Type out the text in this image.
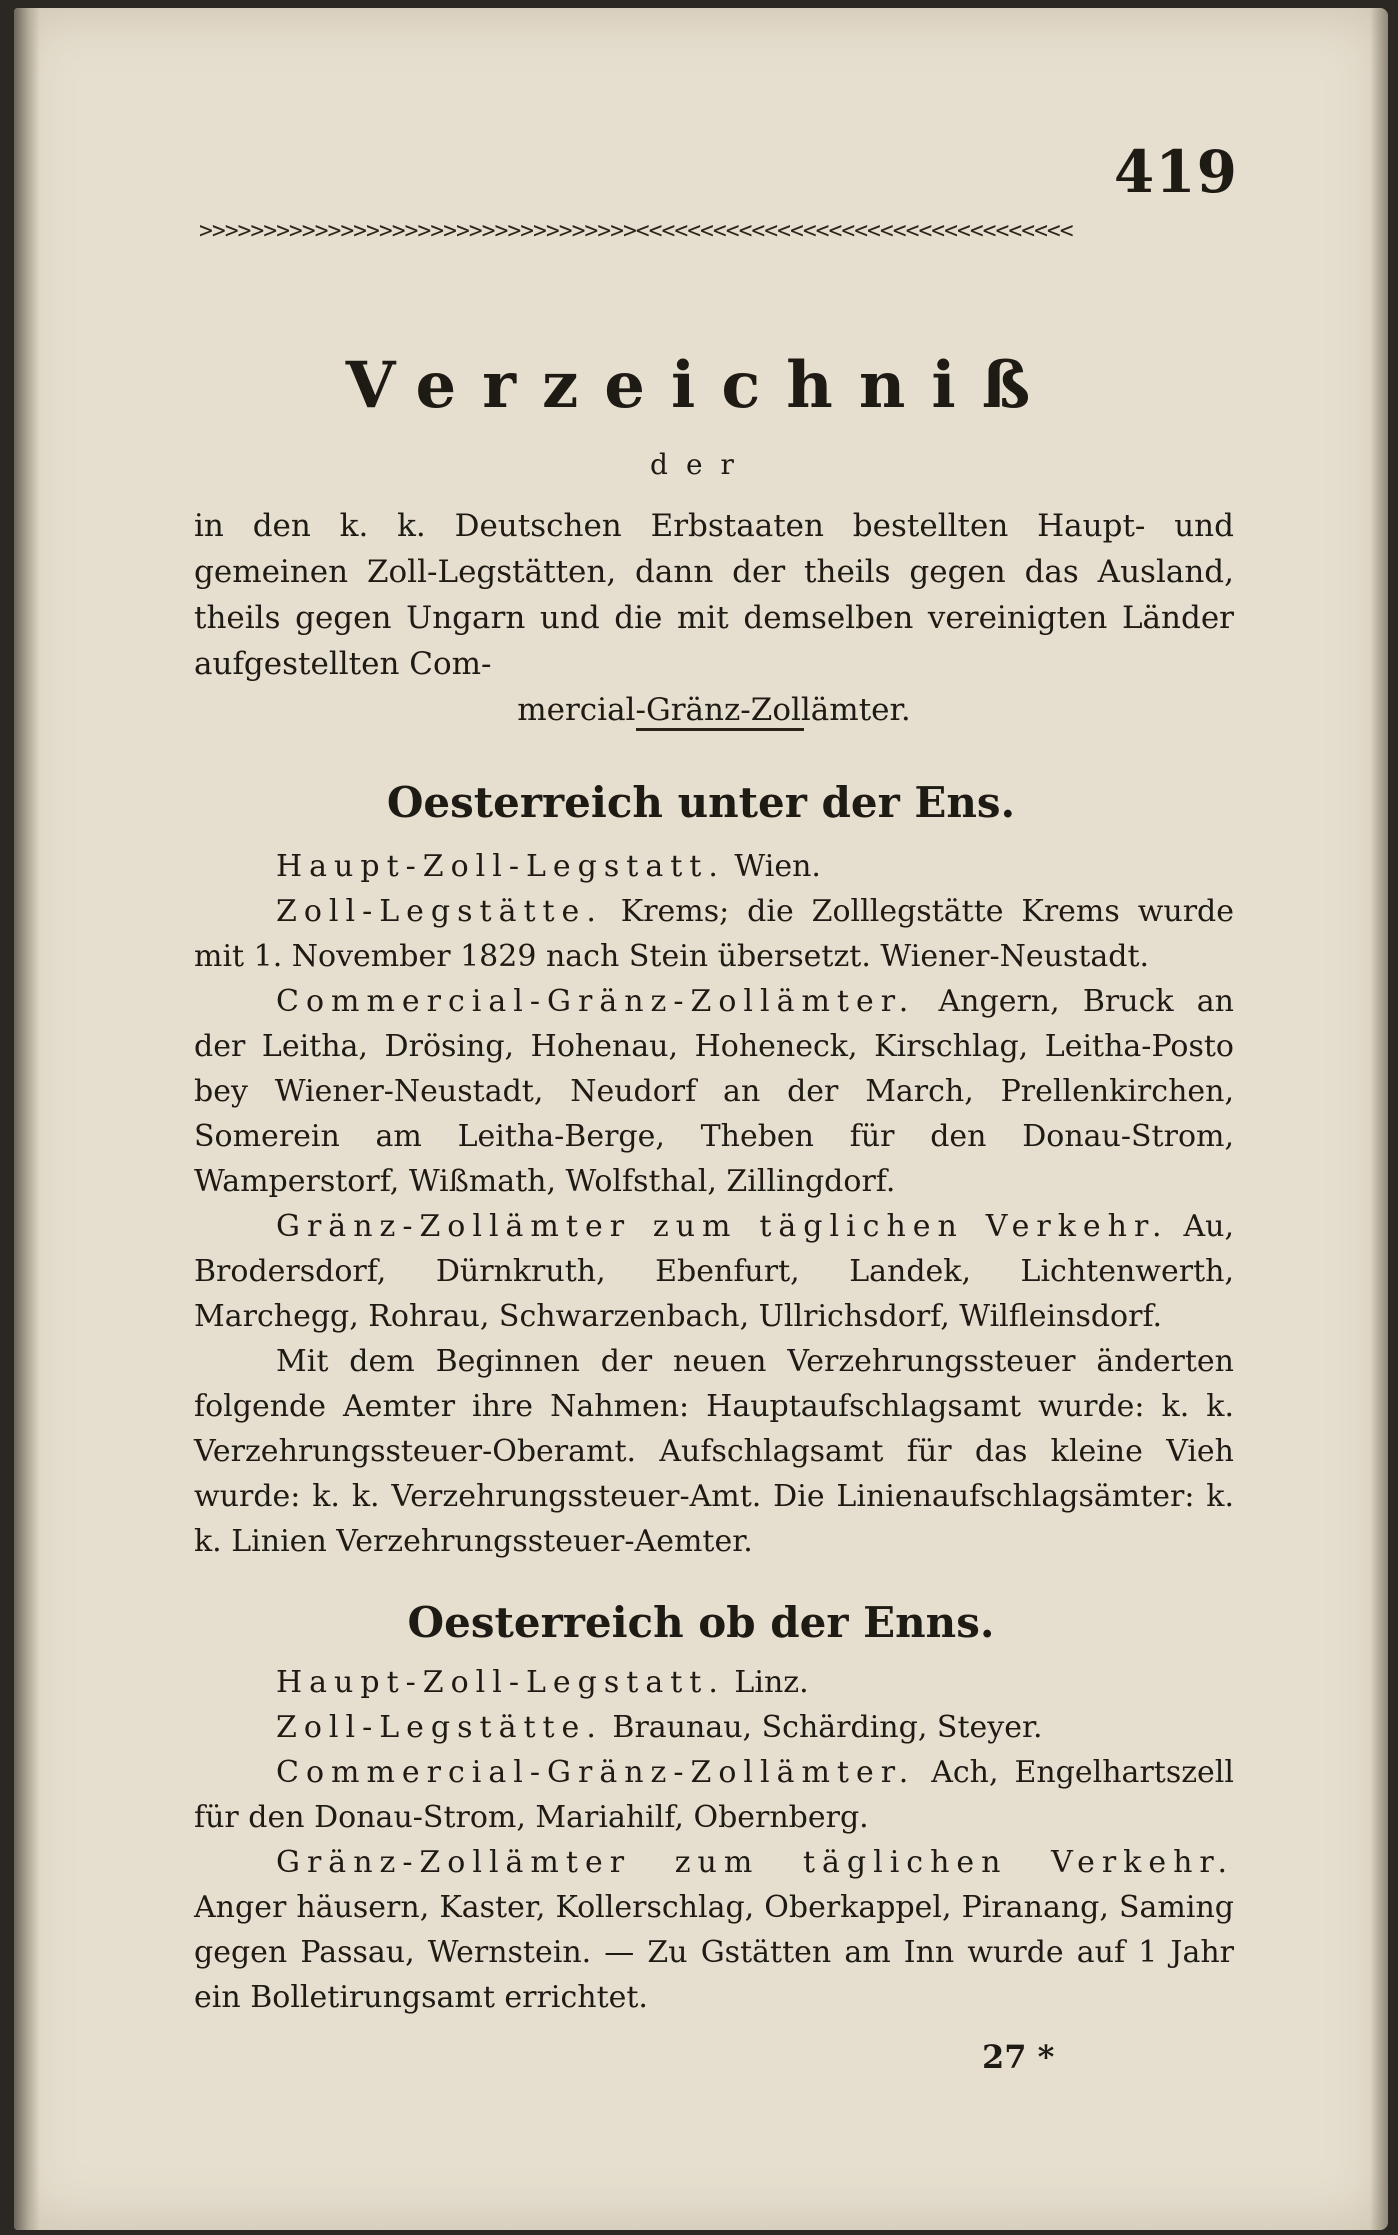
419
>>>>>>>>>>>>>>>>>>>>>>>>>>>>>>>>>><<<<<<<<<<<<<<<<<<<<<<<<<<<<<<<<<<
Verzeichniß
der
in den k. k. Deutschen Erbstaaten bestellten Haupt- und gemeinen Zoll-Legstätten, dann der theils gegen das Ausland, theils gegen Ungarn und die mit demselben vereinigten Länder aufgestellten Com-
mercial-Gränz-Zollämter.
Oesterreich unter der Ens.

Haupt-Zoll-Legstatt. Wien.

Zoll-Legstätte. Krems; die Zolllegstätte Krems wurde mit 1. November 1829 nach Stein übersetzt. Wiener-Neustadt.

Commercial-Gränz-Zollämter. Angern, Bruck an der Leitha, Drösing, Hohenau, Hoheneck, Kirschlag, Leitha-Posto bey Wiener-Neustadt, Neudorf an der March, Prellenkirchen, Somerein am Leitha-Berge, Theben für den Donau-Strom, Wamperstorf, Wißmath, Wolfsthal, Zillingdorf.

Gränz-Zollämter zum täglichen Verkehr. Au, Brodersdorf, Dürnkruth, Ebenfurt, Landek, Lichtenwerth, Marchegg, Rohrau, Schwarzenbach, Ullrichsdorf, Wilfleinsdorf.

Mit dem Beginnen der neuen Verzehrungssteuer änderten folgende Aemter ihre Nahmen: Hauptaufschlagsamt wurde: k. k. Verzehrungssteuer-Oberamt. Aufschlagsamt für das kleine Vieh wurde: k. k. Verzehrungssteuer-Amt. Die Linienaufschlagsämter: k. k. Linien Verzehrungssteuer-Aemter.

Oesterreich ob der Enns.

Haupt-Zoll-Legstatt. Linz.

Zoll-Legstätte. Braunau, Schärding, Steyer.

Commercial-Gränz-Zollämter. Ach, Engelhartszell für den Donau-Strom, Mariahilf, Obernberg.

Gränz-Zollämter zum täglichen Verkehr. Anger häusern, Kaster, Kollerschlag, Oberkappel, Piranang, Saming gegen Passau, Wernstein. — Zu Gstätten am Inn wurde auf 1 Jahr ein Bolletirungsamt errichtet.

27 *
